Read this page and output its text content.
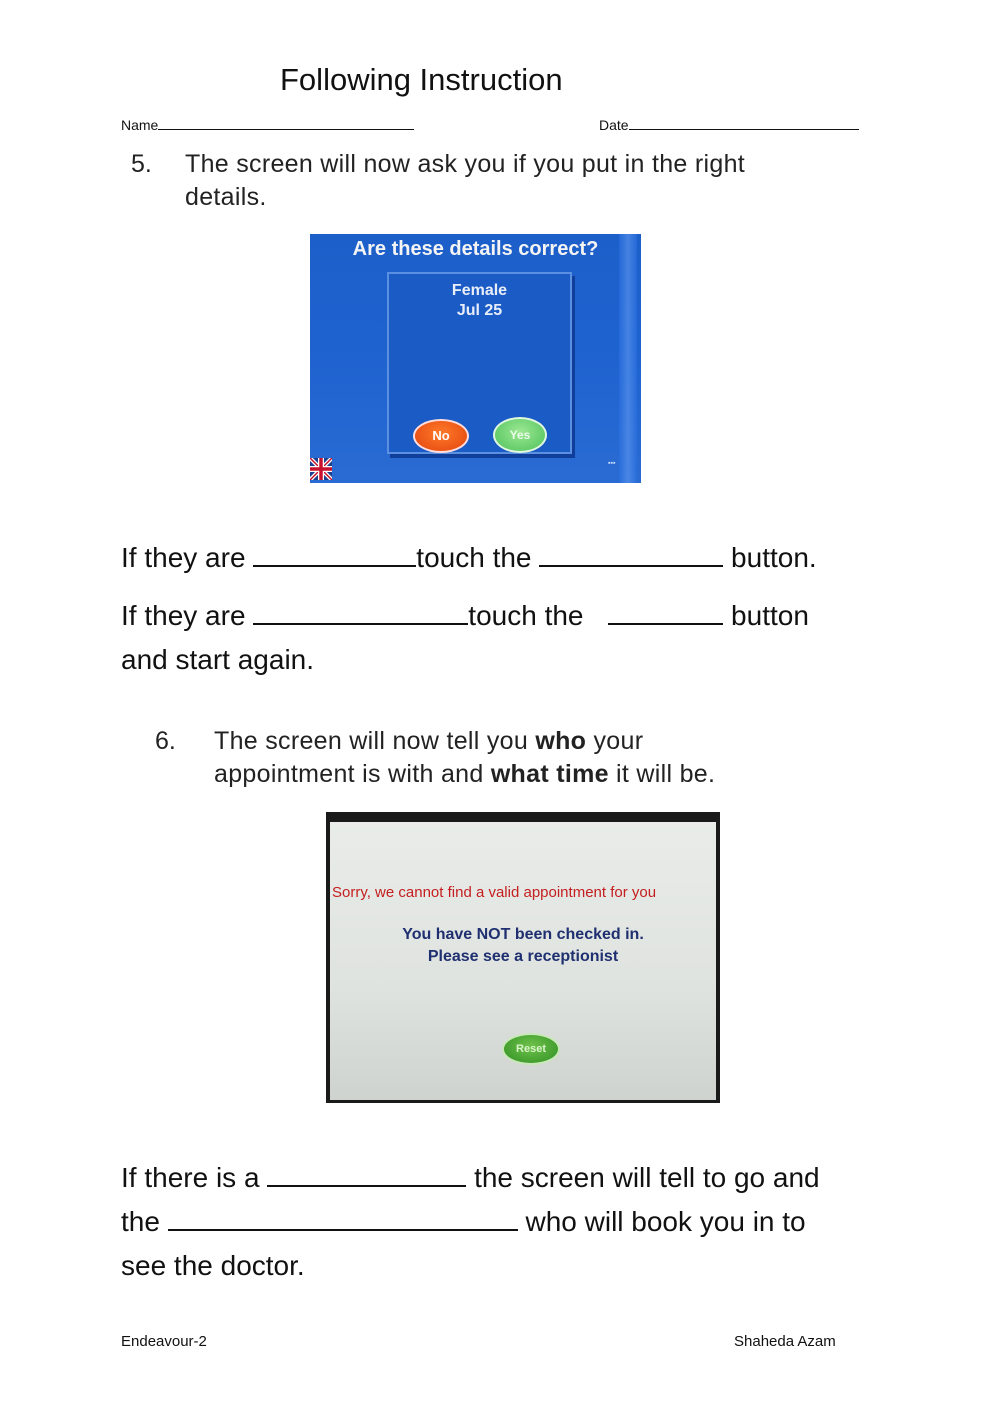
Following Instruction
Name	Date
5. The screen will now ask you if you put in the right
details.
Are these details correct?
Female
Jul 25
No	Yes
▪▪▪
If they are	touch the	button.
If they are	touch the	button
and start again.
6. The screen will now tell you who your
appointment is with and what time it will be.
Sorry, we cannot find a valid appointment for you
You have NOT been checked in.
Please see a receptionist
Reset
If there is a	the screen will tell to go and
the	who will book you in to
see the doctor.
Endeavour-2	Shaheda Azam
